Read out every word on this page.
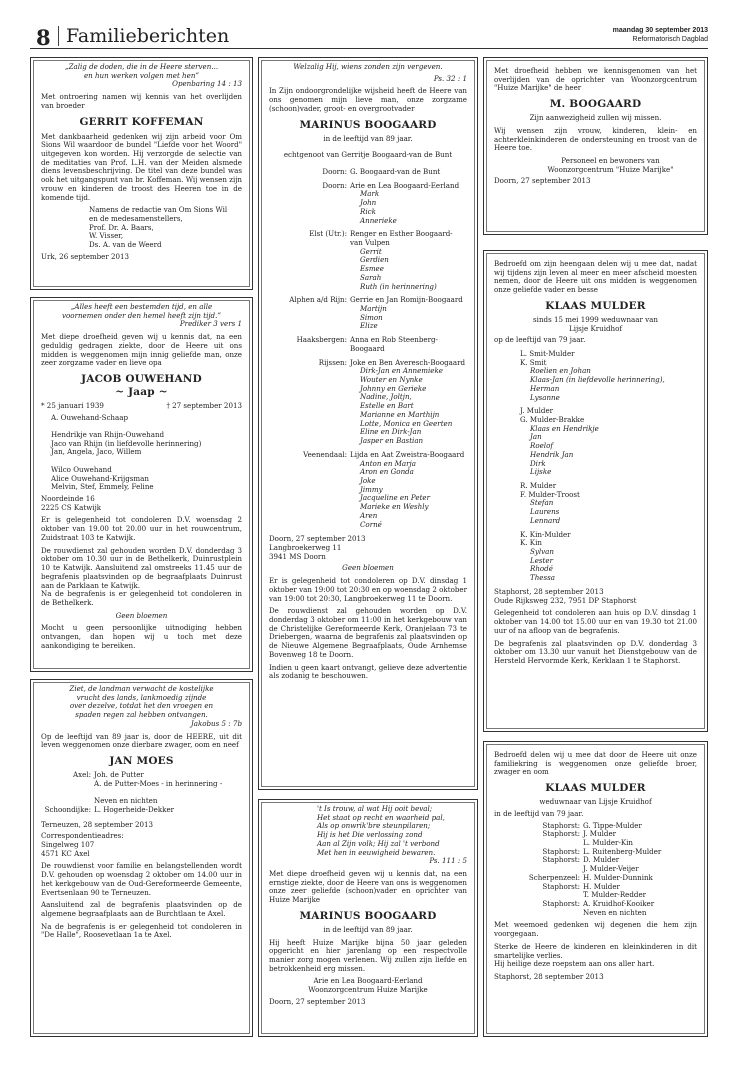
8 Familieberichten	maandag 30 september 2013
Reformatorisch Dagblad
„Zalig de doden, die in de Heere sterven...
en hun werken volgen met hen”
Openbaring 14 : 13
Met ontroering namen wij kennis van het overlijden van broeder
GERRIT KOFFEMAN
Met dankbaarheid gedenken wij zijn arbeid voor Om Sions Wil waardoor de bundel "Liefde voor het Woord" uitgegeven kon worden. Hij verzorgde de selectie van de meditaties van Prof. L.H. van der Meiden alsmede diens levensbeschrijving. De titel van deze bundel was ook het uitgangspunt van br. Koffeman. Wij wensen zijn vrouw en kinderen de troost des Heeren toe in de komende tijd.
Namens de redactie van Om Sions Wil
en de medesamenstellers,
Prof. Dr. A. Baars,
W. Visser,
Ds. A. van de Weerd
Urk, 26 september 2013
„Alles heeft een bestemden tijd, en alle
voornemen onder den hemel heeft zijn tijd.”
Prediker 3 vers 1
Met diepe droefheid geven wij u kennis dat, na een geduldig gedragen ziekte, door de Heere uit ons midden is weggenomen mijn innig geliefde man, onze zeer zorgzame vader en lieve opa
JACOB OUWEHAND
~ Jaap ~
* 25 januari 1939	† 27 september 2013
A. Ouwehand-Schaap

Hendrikje van Rhijn-Ouwehand
Jaco van Rhijn (in liefdevolle herinnering)
Jan, Angela, Jaco, Willem

Wilco Ouwehand
Alice Ouwehand-Krijgsman
Melvin, Stef, Emmely, Feline
Noordeinde 16
2225 CS Katwijk
Er is gelegenheid tot condoleren D.V. woensdag 2 oktober van 19.00 tot 20.00 uur in het rouwcentrum, Zuidstraat 103 te Katwijk.
De rouwdienst zal gehouden worden D.V. donderdag 3 oktober om 10.30 uur in de Bethelkerk, Duinrustplein 10 te Katwijk. Aansluitend zal omstreeks 11.45 uur de begrafenis plaatsvinden op de begraafplaats Duinrust aan de Parklaan te Katwijk.
Na de begrafenis is er gelegenheid tot condoleren in de Bethelkerk.
Geen bloemen
Mocht u geen persoonlijke uitnodiging hebben ontvangen, dan hopen wij u toch met deze aankondiging te bereiken.
Ziet, de landman verwacht de kostelijke
vrucht des lands, lankmoedig zijnde
over dezelve, totdat het den vroegen en
spaden regen zal hebben ontvangen.
Jakobus 5 : 7b
Op de leeftijd van 89 jaar is, door de HEERE, uit dit leven weggenomen onze dierbare zwager, oom en neef
JAN MOES
Axel: Joh. de Putter
A. de Putter-Moes - in herinnering -

Neven en nichten
Schoondijke: L. Hogerheide-Dekker
Terneuzen, 28 september 2013
Correspondentieadres:
Singelweg 107
4571 KC Axel
De rouwdienst voor familie en belangstellenden wordt D.V. gehouden op woensdag 2 oktober om 14.00 uur in het kerkgebouw van de Oud-Gereformeerde Gemeente, Evertsenlaan 90 te Terneuzen.
Aansluitend zal de begrafenis plaatsvinden op de algemene begraafplaats aan de Burchtlaan te Axel.
Na de begrafenis is er gelegenheid tot condoleren in "De Halle", Roosevetlaan 1a te Axel.
Welzalig Hij, wiens zonden zijn vergeven.
Ps. 32 : 1
In Zijn ondoorgrondelijke wijsheid heeft de Heere van ons genomen mijn lieve man, onze zorgzame (schoon)vader, groot- en overgrootvader
MARINUS BOOGAARD
in de leeftijd van 89 jaar.
echtgenoot van Gerritje Boogaard-van de Bunt
Doorn: G. Boogaard-van de Bunt
Doorn: Arie en Lea Boogaard-Eerland
Mark
John
Rick
Annerieke
Elst (Utr.): Renger en Esther Boogaard-
van Vulpen
Gerrit
Gerdien
Esmee
Sarah
Ruth (in herinnering)
Alphen a/d Rijn: Gerrie en Jan Romijn-Boogaard
Martijn
Simon
Elize
Haaksbergen: Anna en Rob Steenberg-
Boogaard
Rijssen: Joke en Ben Averesch-Boogaard
Dirk-Jan en Annemieke
Wouter en Nynke
Johnny en Gerieke
Nadine, Joltjn,
Estelle en Bart
Marianne en Marthijn
Lotte, Monica en Geerten
Eline en Dirk-Jan
Jasper en Bastian
Veenendaal: Lijda en Aat Zweistra-Boogaard
Anton en Marja
Aron en Gonda
Joke
Jimmy
Jacqueline en Peter
Marieke en Weshly
Aren
Corné
Doorn, 27 september 2013
Langbroekerweg 11
3941 MS Doorn
Geen bloemen
Er is gelegenheid tot condoleren op D.V. dinsdag 1 oktober van 19:00 tot 20:30 en op woensdag 2 oktober van 19:00 tot 20:30, Langbroekerweg 11 te Doorn.
De rouwdienst zal gehouden worden op D.V. donderdag 3 oktober om 11:00 in het kerkgebouw van de Christelijke Gereformeerde Kerk, Oranjelaan 73 te Driebergen, waarna de begrafenis zal plaatsvinden op de Nieuwe Algemene Begraafplaats, Oude Arnhemse Bovenweg 18 te Doorn.
Indien u geen kaart ontvangt, gelieve deze advertentie als zodanig te beschouwen.
't Is trouw, al wat Hij ooit beval;
Het staat op recht en waarheid pal,
Als op onwrik'bre steunpilaren;
Hij is het Die verlossing zond
Aan al Zijn volk; Hij zal 't verbond
Met hen in eeuwigheid bewaren.
Ps. 111 : 5
Met diepe droefheid geven wij u kennis dat, na een ernstige ziekte, door de Heere van ons is weggenomen onze zeer geliefde (schoon)vader en oprichter van Huize Marijke
MARINUS BOOGAARD
in de leeftijd van 89 jaar.
Hij heeft Huize Marijke bijna 50 jaar geleden opgericht en hier jarenlang op een respectvolle manier zorg mogen verlenen. Wij zullen zijn liefde en betrokkenheid erg missen.
Arie en Lea Boogaard-Eerland
Woonzorgcentrum Huize Marijke
Doorn, 27 september 2013
Met droefheid hebben we kennisgenomen van het overlijden van de oprichter van Woonzorgcentrum "Huize Marijke" de heer
M. BOOGAARD
Zijn aanwezigheid zullen wij missen.
Wij wensen zijn vrouw, kinderen, klein- en achterkleinkinderen de ondersteuning en troost van de Heere toe.
Personeel en bewoners van
Woonzorgcentrum "Huize Marijke"
Doorn, 27 september 2013
Bedroefd om zijn heengaan delen wij u mee dat, nadat wij tijdens zijn leven al meer en meer afscheid moesten nemen, door de Heere uit ons midden is weggenomen onze geliefde vader en besse
KLAAS MULDER
sinds 15 mei 1999 weduwnaar van
Lijsje Kruidhof
op de leeftijd van 79 jaar.
L. Smit-Mulder
K. Smit
Roelien en Johan
Klaas-Jan (in liefdevolle herinnering),
Herman
Lysanne
J. Mulder
G. Mulder-Brakke
Klaas en Hendrikje
Jan
Roelof
Hendrik Jan
Dirk
Lijske
R. Mulder
F. Mulder-Troost
Stefan
Laurens
Lennard
K. Kin-Mulder
K. Kin
Sylvan
Lester
Rhodé
Thessa
Staphorst, 28 september 2013
Oude Rijksweg 232, 7951 DP Staphorst
Gelegenheid tot condoleren aan huis op D.V. dinsdag 1 oktober van 14.00 tot 15.00 uur en van 19.30 tot 21.00 uur of na afloop van de begrafenis.
De begrafenis zal plaatsvinden op D.V. donderdag 3 oktober om 13.30 uur vanuit het Dienstgebouw van de Hersteld Hervormde Kerk, Kerklaan 1 te Staphorst.
Bedroefd delen wij u mee dat door de Heere uit onze familiekring is weggenomen onze geliefde broer, zwager en oom
KLAAS MULDER
weduwnaar van Lijsje Kruidhof
in de leeftijd van 79 jaar.
Staphorst: G. Tippe-Mulder
Staphorst: J. Mulder
L. Mulder-Kin
Staphorst: L. Ruitenberg-Mulder
Staphorst: D. Mulder
J. Mulder-Veijer
Scherpenzeel: H. Mulder-Dunnink
Staphorst: H. Mulder
T. Mulder-Redder
Staphorst: A. Kruidhof-Kooiker
Neven en nichten
Met weemoed gedenken wij degenen die hem zijn voorgegaan.
Sterke de Heere de kinderen en kleinkinderen in dit smartelijke verlies.
Hij heilige deze roepstem aan ons aller hart.
Staphorst, 28 september 2013
